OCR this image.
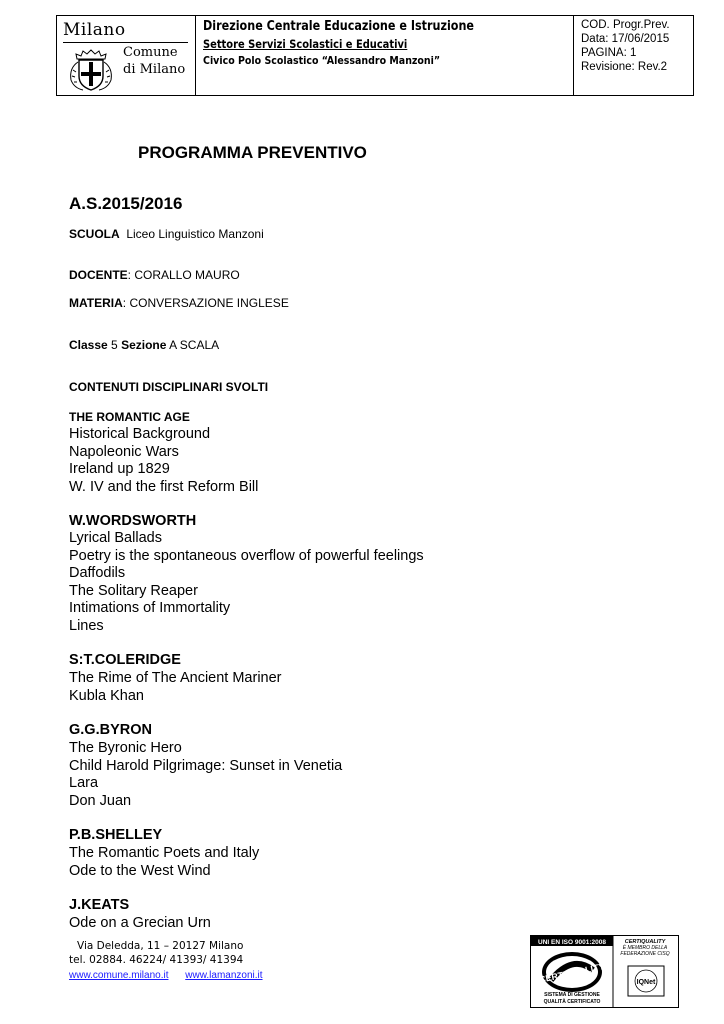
Milano
Comune
di Milano
Direzione Centrale Educazione e Istruzione
Settore Servizi Scolastici e Educativi
Civico Polo Scolastico “Alessandro Manzoni”
COD. Progr.Prev.
Data: 17/06/2015
PAGINA: 1
Revisione: Rev.2
PROGRAMMA PREVENTIVO
A.S.2015/2016
SCUOLA Liceo Linguistico Manzoni
DOCENTE: CORALLO MAURO
MATERIA: CONVERSAZIONE INGLESE
Classe 5 Sezione A SCALA
CONTENUTI DISCIPLINARI SVOLTI
THE ROMANTIC AGE
Historical Background
Napoleonic Wars
Ireland up 1829
W. IV and the first Reform Bill
W.WORDSWORTH
Lyrical Ballads
Poetry is the spontaneous overflow of powerful feelings
Daffodils
The Solitary Reaper
Intimations of Immortality
Lines
S:T.COLERIDGE
The Rime of The Ancient Mariner
Kubla Khan
G.G.BYRON
The Byronic Hero
Child Harold Pilgrimage: Sunset in Venetia
Lara
Don Juan
P.B.SHELLEY
The Romantic Poets and Italy
Ode to the West Wind
J.KEATS
Ode on a Grecian Urn
Via Deledda, 11 – 20127 Milano
tel. 02884. 46224/ 41393/ 41394
www.comune.milano.it www.lamanzoni.it
UNI EN ISO 9001:2008	CERTIQUALITY
È MEMBRO DELLA
FEDERAZIONE CISQ
CERTIQUALITY
SISTEMA DI GESTIONE
QUALITÀ CERTIFICATO
IQNet
